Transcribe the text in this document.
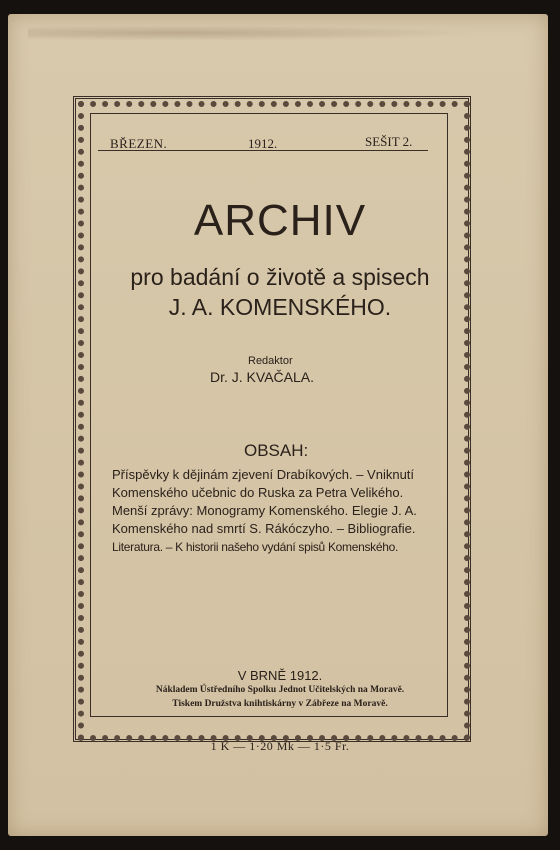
BŘEZEN.	1912.	SEŠIT 2.
ARCHIV
pro badání o životě a spisech
J. A. KOMENSKÉHO.
Redaktor
Dr. J. KVAČALA.
OBSAH:
Příspěvky k dějinám zjevení Drabíkových. – Vniknutí
Komenského učebnic do Ruska za Petra Velikého.
Menší zprávy: Monogramy Komenského. Elegie J. A.
Komenského nad smrtí S. Rákóczyho. – Bibliografie.
Literatura. – K historii našeho vydání spisů Komenského.
V BRNĚ 1912.
Nákladem Ústředního Spolku Jednot Učitelských na Moravě.
Tiskem Družstva knihtiskárny v Zábřeze na Moravě.
1 K — 1·20 Mk — 1·5 Fr.
